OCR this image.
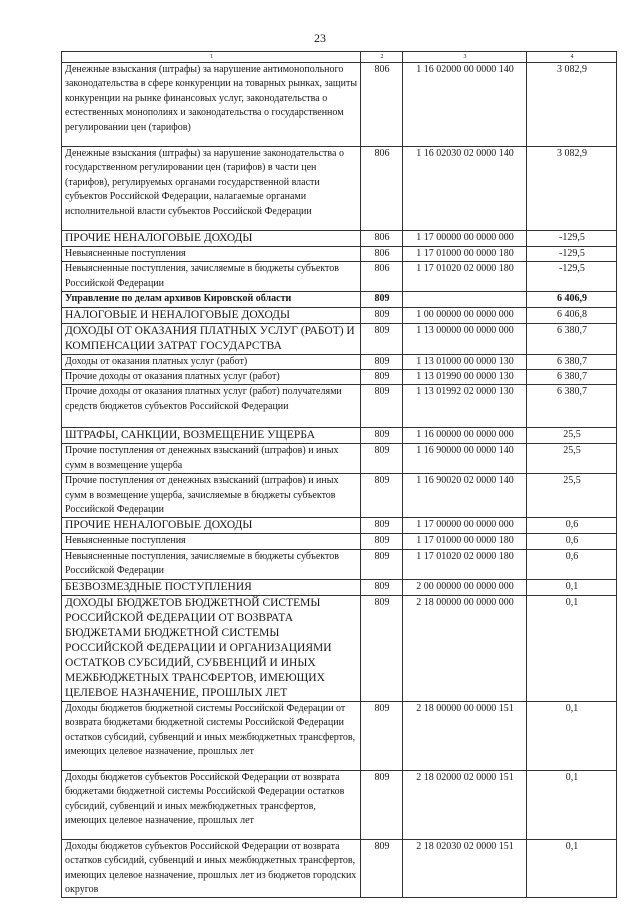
23
1	2	3	4
Денежные взыскания (штрафы) за нарушение антимонопольного законодательства в сфере конкуренции на товарных рынках, защиты конкуренции на рынке финансовых услуг, законодательства о естественных монополиях и законодательства о государственном регулировании цен (тарифов)	806	1 16 02000 00 0000 140	3 082,9
Денежные взыскания (штрафы) за нарушение законодательства о государственном регулировании цен (тарифов) в части цен (тарифов), регулируемых органами государственной власти субъектов Российской Федерации, налагаемые органами исполнительной власти субъектов Российской Федерации	806	1 16 02030 02 0000 140	3 082,9
ПРОЧИЕ НЕНАЛОГОВЫЕ ДОХОДЫ	806	1 17 00000 00 0000 000	-129,5
Невыясненные поступления	806	1 17 01000 00 0000 180	-129,5
Невыясненные поступления, зачисляемые в бюджеты субъектов Российской Федерации	806	1 17 01020 02 0000 180	-129,5
Управление по делам архивов Кировской области	809		6 406,9
НАЛОГОВЫЕ И НЕНАЛОГОВЫЕ ДОХОДЫ	809	1 00 00000 00 0000 000	6 406,8
ДОХОДЫ ОТ ОКАЗАНИЯ ПЛАТНЫХ УСЛУГ (РАБОТ) И КОМПЕНСАЦИИ ЗАТРАТ ГОСУДАРСТВА	809	1 13 00000 00 0000 000	6 380,7
Доходы от оказания платных услуг (работ)	809	1 13 01000 00 0000 130	6 380,7
Прочие доходы от оказания платных услуг (работ)	809	1 13 01990 00 0000 130	6 380,7
Прочие доходы от оказания платных услуг (работ) получателями средств бюджетов субъектов Российской Федерации	809	1 13 01992 02 0000 130	6 380,7
ШТРАФЫ, САНКЦИИ, ВОЗМЕЩЕНИЕ УЩЕРБА	809	1 16 00000 00 0000 000	25,5
Прочие поступления от денежных взысканий (штрафов) и иных сумм в возмещение ущерба	809	1 16 90000 00 0000 140	25,5
Прочие поступления от денежных взысканий (штрафов) и иных сумм в возмещение ущерба, зачисляемые в бюджеты субъектов Российской Федерации	809	1 16 90020 02 0000 140	25,5
ПРОЧИЕ НЕНАЛОГОВЫЕ ДОХОДЫ	809	1 17 00000 00 0000 000	0,6
Невыясненные поступления	809	1 17 01000 00 0000 180	0,6
Невыясненные поступления, зачисляемые в бюджеты субъектов Российской Федерации	809	1 17 01020 02 0000 180	0,6
БЕЗВОЗМЕЗДНЫЕ ПОСТУПЛЕНИЯ	809	2 00 00000 00 0000 000	0,1
ДОХОДЫ БЮДЖЕТОВ БЮДЖЕТНОЙ СИСТЕМЫ РОССИЙСКОЙ ФЕДЕРАЦИИ ОТ ВОЗВРАТА БЮДЖЕТАМИ БЮДЖЕТНОЙ СИСТЕМЫ РОССИЙСКОЙ ФЕДЕРАЦИИ И ОРГАНИЗАЦИЯМИ ОСТАТКОВ СУБСИДИЙ, СУБВЕНЦИЙ И ИНЫХ МЕЖБЮДЖЕТНЫХ ТРАНСФЕРТОВ, ИМЕЮЩИХ ЦЕЛЕВОЕ НАЗНАЧЕНИЕ, ПРОШЛЫХ ЛЕТ	809	2 18 00000 00 0000 000	0,1
Доходы бюджетов бюджетной системы Российской Федерации от возврата бюджетами бюджетной системы Российской Федерации остатков субсидий, субвенций и иных межбюджетных трансфертов, имеющих целевое назначение, прошлых лет	809	2 18 00000 00 0000 151	0,1
Доходы бюджетов субъектов Российской Федерации от возврата бюджетами бюджетной системы Российской Федерации остатков субсидий, субвенций и иных межбюджетных трансфертов, имеющих целевое назначение, прошлых лет	809	2 18 02000 02 0000 151	0,1
Доходы бюджетов субъектов Российской Федерации от возврата остатков субсидий, субвенций и иных межбюджетных трансфертов, имеющих целевое назначение, прошлых лет из бюджетов городских округов	809	2 18 02030 02 0000 151	0,1
